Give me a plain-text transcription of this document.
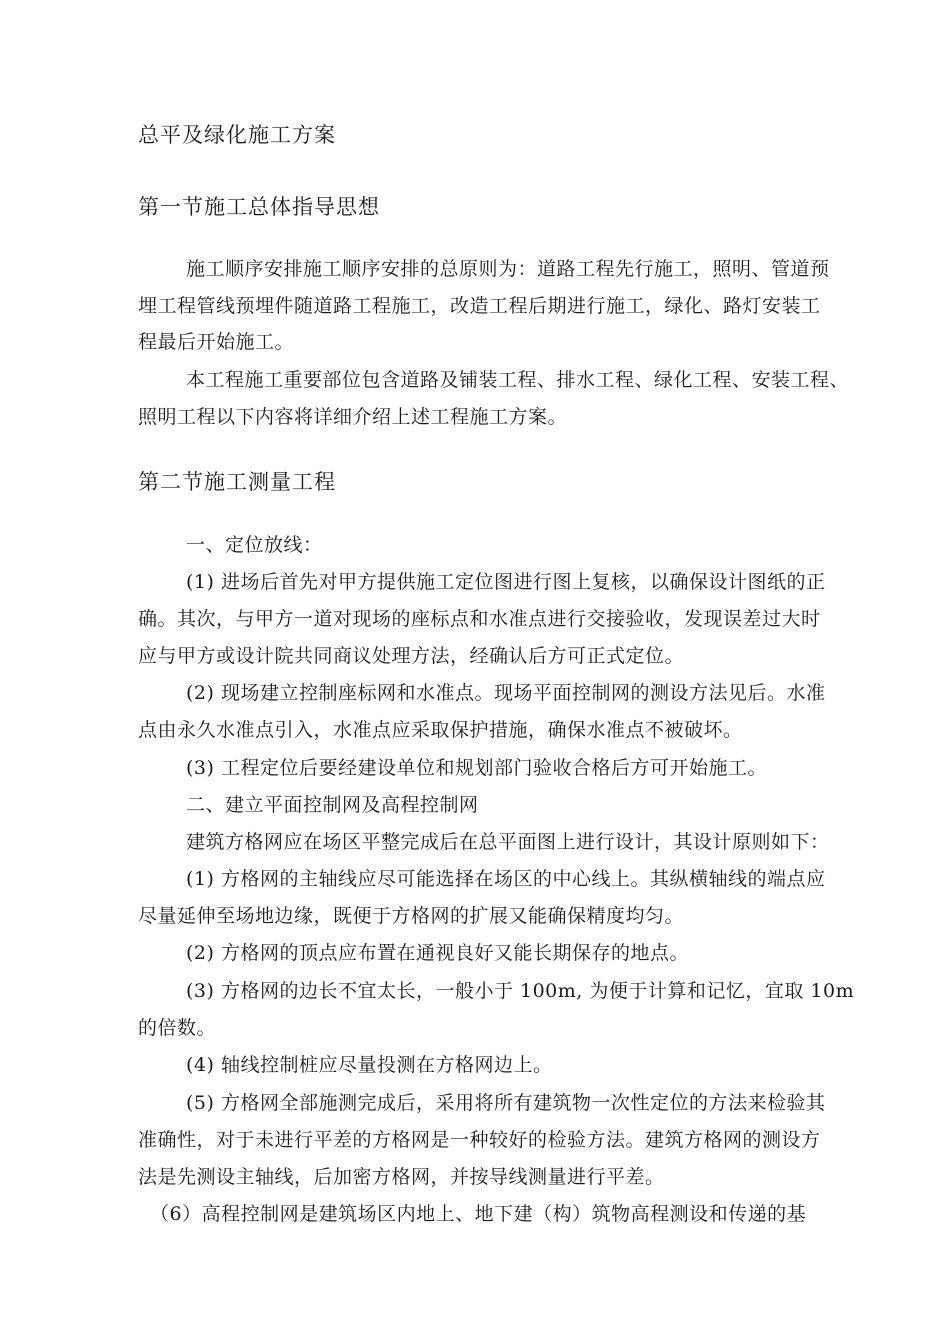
总平及绿化施工方案
第一节施工总体指导思想
施工顺序安排施工顺序安排的总原则为：道路工程先行施工，照明、管道预
埋工程管线预埋件随道路工程施工，改造工程后期进行施工，绿化、路灯安装工
程最后开始施工。
本工程施工重要部位包含道路及铺装工程、排水工程、绿化工程、安装工程、
照明工程以下内容将详细介绍上述工程施工方案。
第二节施工测量工程
一、定位放线：
(1) 进场后首先对甲方提供施工定位图进行图上复核，以确保设计图纸的正
确。其次，与甲方一道对现场的座标点和水准点进行交接验收，发现误差过大时
应与甲方或设计院共同商议处理方法，经确认后方可正式定位。
(2) 现场建立控制座标网和水准点。现场平面控制网的测设方法见后。水准
点由永久水准点引入，水准点应采取保护措施，确保水准点不被破坏。
(3) 工程定位后要经建设单位和规划部门验收合格后方可开始施工。
二、建立平面控制网及高程控制网
建筑方格网应在场区平整完成后在总平面图上进行设计，其设计原则如下：
(1) 方格网的主轴线应尽可能选择在场区的中心线上。其纵横轴线的端点应
尽量延伸至场地边缘，既便于方格网的扩展又能确保精度均匀。
(2) 方格网的顶点应布置在通视良好又能长期保存的地点。
(3) 方格网的边长不宜太长，一般小于 100m, 为便于计算和记忆，宜取 10m
的倍数。
(4) 轴线控制桩应尽量投测在方格网边上。
(5) 方格网全部施测完成后，采用将所有建筑物一次性定位的方法来检验其
准确性，对于未进行平差的方格网是一种较好的检验方法。建筑方格网的测设方
法是先测设主轴线，后加密方格网，并按导线测量进行平差。
（6）高程控制网是建筑场区内地上、地下建（构）筑物高程测设和传递的基
